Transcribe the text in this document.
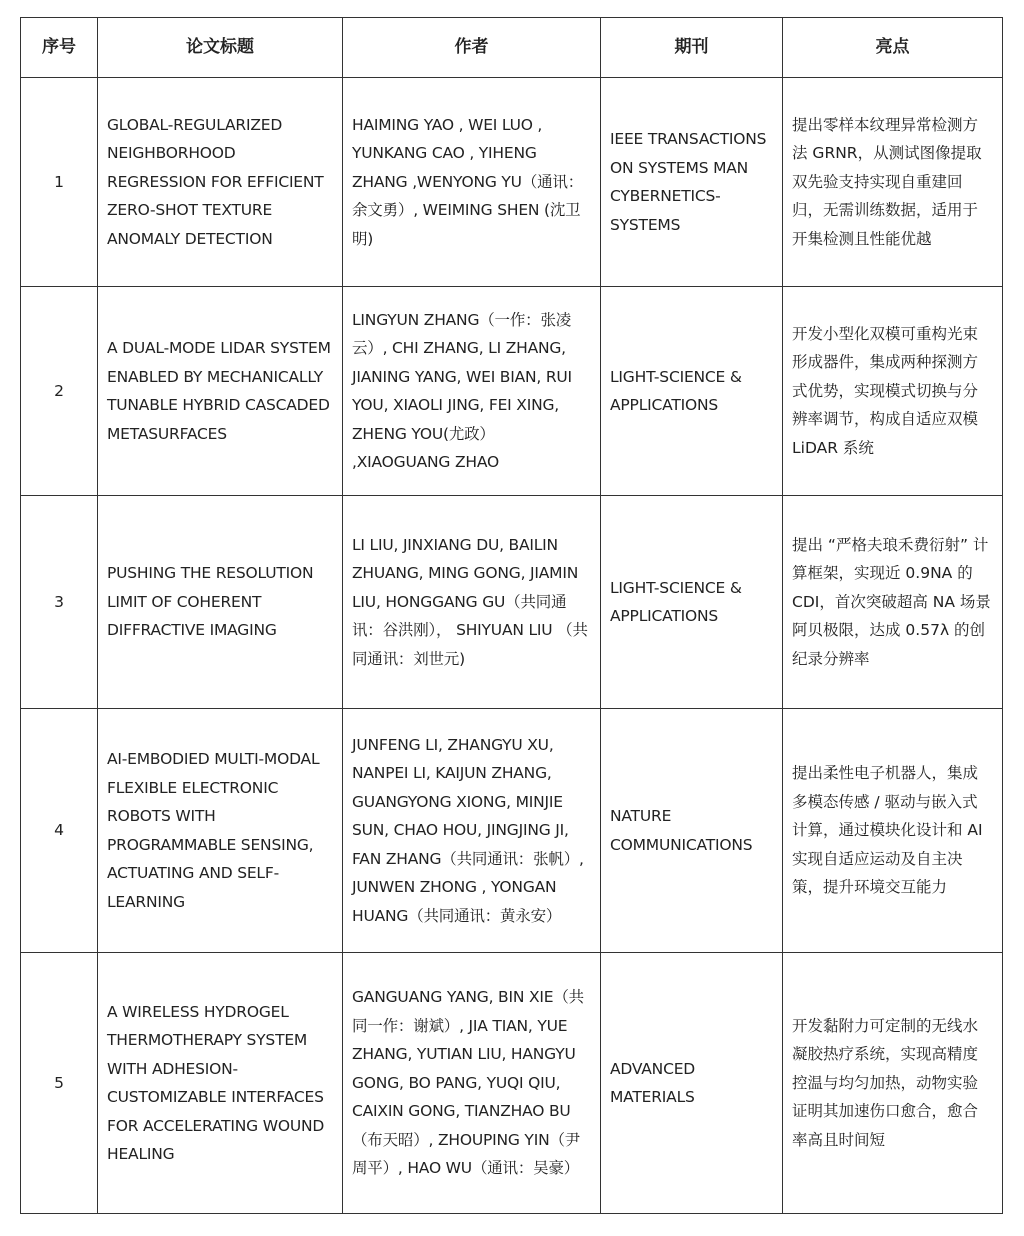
序号	论文标题	作者	期刊	亮点
1	GLOBAL-REGULARIZED NEIGHBORHOOD REGRESSION FOR EFFICIENT ZERO-SHOT TEXTURE ANOMALY DETECTION	HAIMING YAO , WEI LUO , YUNKANG CAO , YIHENG ZHANG ,WENYONG YU（通讯：余文勇）, WEIMING SHEN (沈卫明)	IEEE TRANSACTIONS ON SYSTEMS MAN CYBERNETICS-SYSTEMS	提出零样本纹理异常检测方法 GRNR，从测试图像提取双先验支持实现自重建回归，无需训练数据，适用于开集检测且性能优越
2	A DUAL-MODE LIDAR SYSTEM ENABLED BY MECHANICALLY TUNABLE HYBRID CASCADED METASURFACES	LINGYUN ZHANG（一作：张凌云）, CHI ZHANG, LI ZHANG, JIANING YANG, WEI BIAN, RUI YOU, XIAOLI JING, FEI XING, ZHENG YOU(尤政） ,XIAOGUANG ZHAO	LIGHT-SCIENCE & APPLICATIONS	开发小型化双模可重构光束形成器件，集成两种探测方式优势，实现模式切换与分辨率调节，构成自适应双模 LiDAR 系统
3	PUSHING THE RESOLUTION LIMIT OF COHERENT DIFFRACTIVE IMAGING	LI LIU, JINXIANG DU, BAILIN ZHUANG, MING GONG, JIAMIN LIU, HONGGANG GU（共同通讯：谷洪刚）， SHIYUAN LIU （共同通讯：刘世元)	LIGHT-SCIENCE & APPLICATIONS	提出 “严格夫琅禾费衍射” 计算框架，实现近 0.9NA 的 CDI，首次突破超高 NA 场景阿贝极限，达成 0.57λ 的创纪录分辨率
4	AI-EMBODIED MULTI-MODAL FLEXIBLE ELECTRONIC ROBOTS WITH PROGRAMMABLE SENSING, ACTUATING AND SELF-LEARNING	JUNFENG LI, ZHANGYU XU, NANPEI LI, KAIJUN ZHANG, GUANGYONG XIONG, MINJIE SUN, CHAO HOU, JINGJING JI, FAN ZHANG（共同通讯：张帆）, JUNWEN ZHONG , YONGAN HUANG（共同通讯：黄永安）	NATURE COMMUNICATIONS	提出柔性电子机器人，集成多模态传感 / 驱动与嵌入式计算，通过模块化设计和 AI 实现自适应运动及自主决策，提升环境交互能力
5	A WIRELESS HYDROGEL THERMOTHERAPY SYSTEM WITH ADHESION-CUSTOMIZABLE INTERFACES FOR ACCELERATING WOUND HEALING	GANGUANG YANG, BIN XIE（共同一作：谢斌）, JIA TIAN, YUE ZHANG, YUTIAN LIU, HANGYU GONG, BO PANG, YUQI QIU, CAIXIN GONG, TIANZHAO BU（布天昭）, ZHOUPING YIN（尹周平）, HAO WU（通讯：吴豪）	ADVANCED MATERIALS	开发黏附力可定制的无线水凝胶热疗系统，实现高精度控温与均匀加热，动物实验证明其加速伤口愈合，愈合率高且时间短
